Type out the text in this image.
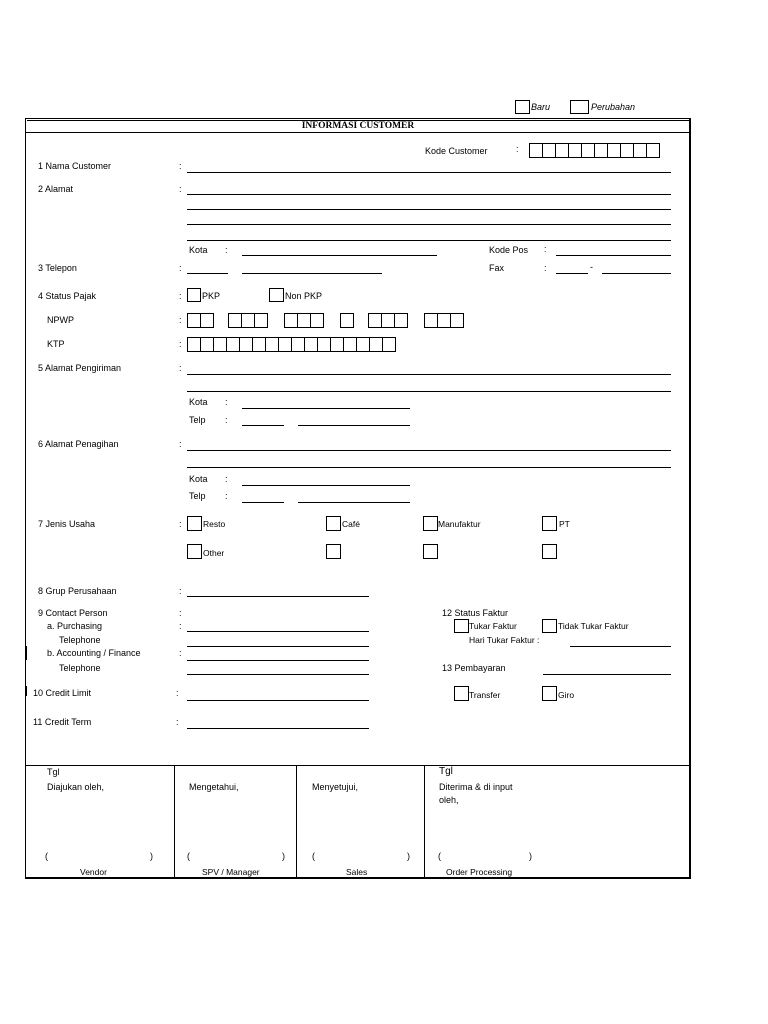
Baru	Perubahan
INFORMASI CUSTOMER
Kode Customer	:
1 Nama Customer	:
2 Alamat	:
Kota :	Kode Pos :
3 Telepon	:	Fax	:	-
4 Status Pajak	: PKP	Non PKP
NPWP	:
KTP	:
5 Alamat Pengiriman	:
Kota :
Telp :
6 Alamat Penagihan	:
Kota :
Telp :
7 Jenis Usaha	:	Resto	Café	Manufaktur	PT
Other
8 Grup Perusahaan	:
9 Contact Person	:
a. Purchasing	:
Telephone
b. Accounting / Finance	:
Telephone
12 Status Faktur
Tukar Faktur	Tidak Tukar Faktur
Hari Tukar Faktur :
13 Pembayaran
10 Credit Limit	:	Transfer	Giro
11 Credit Term	:
Tgl
Diajukan oleh,	Mengetahui,	Menyetujui,
Tgl
Diterima & di input
oleh,
(	)	(	)	(	)	(	)
Vendor	SPV / Manager	Sales	Order Processing
